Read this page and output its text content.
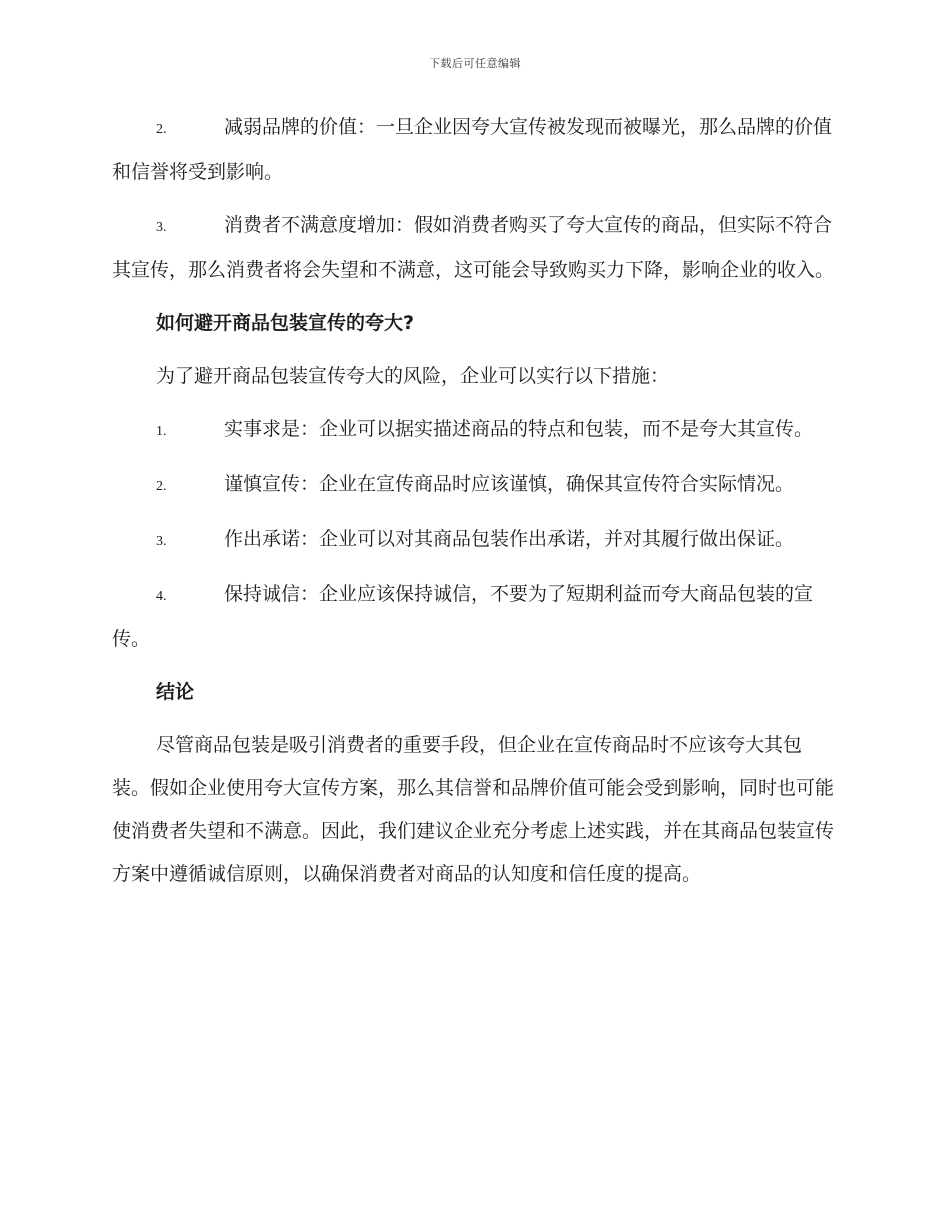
下载后可任意编辑

2.	减弱品牌的价值：一旦企业因夸大宣传被发现而被曝光，那么品牌的价值和信誉将受到影响。

3.	消费者不满意度增加：假如消费者购买了夸大宣传的商品，但实际不符合其宣传，那么消费者将会失望和不满意，这可能会导致购买力下降，影响企业的收入。

如何避开商品包装宣传的夸大?

为了避开商品包装宣传夸大的风险，企业可以实行以下措施：

1.	实事求是：企业可以据实描述商品的特点和包装，而不是夸大其宣传。

2.	谨慎宣传：企业在宣传商品时应该谨慎，确保其宣传符合实际情况。

3.	作出承诺：企业可以对其商品包装作出承诺，并对其履行做出保证。

4.	保持诚信：企业应该保持诚信，不要为了短期利益而夸大商品包装的宣传。

结论

尽管商品包装是吸引消费者的重要手段，但企业在宣传商品时不应该夸大其包装。假如企业使用夸大宣传方案，那么其信誉和品牌价值可能会受到影响，同时也可能使消费者失望和不满意。因此，我们建议企业充分考虑上述实践，并在其商品包装宣传方案中遵循诚信原则，以确保消费者对商品的认知度和信任度的提高。
